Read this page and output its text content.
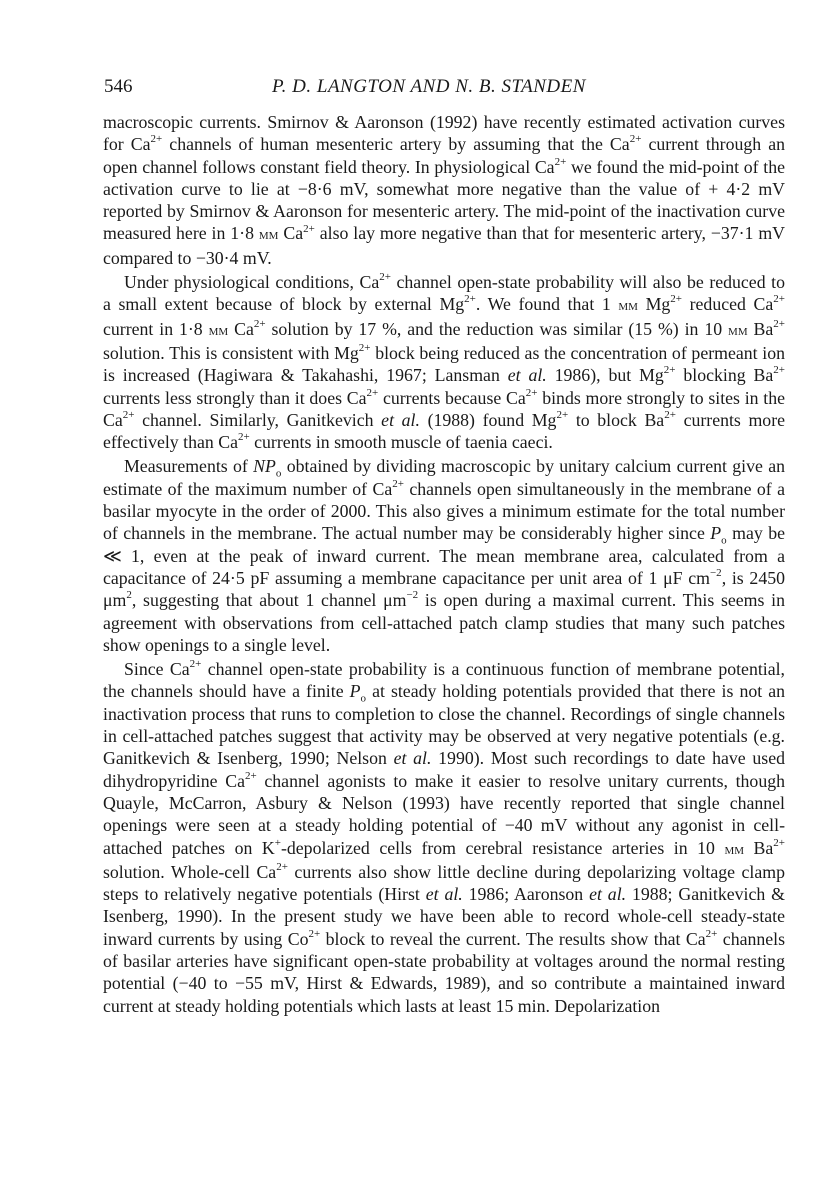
546	P. D. LANGTON AND N. B. STANDEN

macroscopic currents. Smirnov & Aaronson (1992) have recently estimated activation curves for $Ca^{2+}$ channels of human mesenteric artery by assuming that the $Ca^{2+}$ current through an open channel follows constant field theory. In physiological $Ca^{2+}$ we found the mid-point of the activation curve to lie at −8·6 mV, somewhat more negative than the value of + 4·2 mV reported by Smirnov & Aaronson for mesenteric artery. The mid-point of the inactivation curve measured here in 1·8 mm $Ca^{2+}$ also lay more negative than that for mesenteric artery, −37·1 mV compared to −30·4 mV.

Under physiological conditions, $Ca^{2+}$ channel open-state probability will also be reduced to a small extent because of block by external $Mg^{2+}$. We found that 1 mm $Mg^{2+}$ reduced $Ca^{2+}$ current in 1·8 mm $Ca^{2+}$ solution by 17 %, and the reduction was similar (15 %) in 10 mm $Ba^{2+}$ solution. This is consistent with $Mg^{2+}$ block being reduced as the concentration of permeant ion is increased (Hagiwara & Takahashi, 1967; Lansman et al. 1986), but $Mg^{2+}$ blocking $Ba^{2+}$ currents less strongly than it does $Ca^{2+}$ currents because $Ca^{2+}$ binds more strongly to sites in the $Ca^{2+}$ channel. Similarly, Ganitkevich et al. (1988) found $Mg^{2+}$ to block $Ba^{2+}$ currents more effectively than $Ca^{2+}$ currents in smooth muscle of taenia caeci.

Measurements of $NP_o$ obtained by dividing macroscopic by unitary calcium current give an estimate of the maximum number of $Ca^{2+}$ channels open simultaneously in the membrane of a basilar myocyte in the order of 2000. This also gives a minimum estimate for the total number of channels in the membrane. The actual number may be considerably higher since $P_o$ may be ≪ 1, even at the peak of inward current. The mean membrane area, calculated from a capacitance of 24·5 pF assuming a membrane capacitance per unit area of 1 μF $cm^{-2}$, is 2450 $\mu m^2$, suggesting that about 1 channel $\mu m^{-2}$ is open during a maximal current. This seems in agreement with observations from cell-attached patch clamp studies that many such patches show openings to a single level.

Since $Ca^{2+}$ channel open-state probability is a continuous function of membrane potential, the channels should have a finite $P_o$ at steady holding potentials provided that there is not an inactivation process that runs to completion to close the channel. Recordings of single channels in cell-attached patches suggest that activity may be observed at very negative potentials (e.g. Ganitkevich & Isenberg, 1990; Nelson et al. 1990). Most such recordings to date have used dihydropyridine $Ca^{2+}$ channel agonists to make it easier to resolve unitary currents, though Quayle, McCarron, Asbury & Nelson (1993) have recently reported that single channel openings were seen at a steady holding potential of −40 mV without any agonist in cell-attached patches on K+-depolarized cells from cerebral resistance arteries in 10 mm $Ba^{2+}$ solution. Whole-cell $Ca^{2+}$ currents also show little decline during depolarizing voltage clamp steps to relatively negative potentials (Hirst et al. 1986; Aaronson et al. 1988; Ganitkevich & Isenberg, 1990). In the present study we have been able to record whole-cell steady-state inward currents by using $Co^{2+}$ block to reveal the current. The results show that $Ca^{2+}$ channels of basilar arteries have significant open-state probability at voltages around the normal resting potential (−40 to −55 mV, Hirst & Edwards, 1989), and so contribute a maintained inward current at steady holding potentials which lasts at least 15 min. Depolarization
